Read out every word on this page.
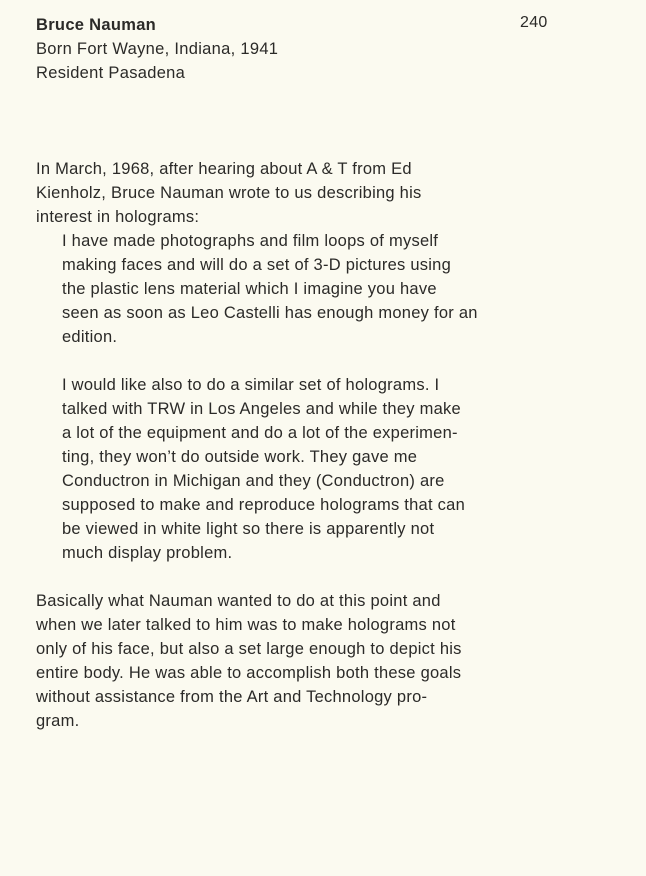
240
Bruce Nauman
Born Fort Wayne, Indiana, 1941
Resident Pasadena
In March, 1968, after hearing about A & T from Ed
Kienholz, Bruce Nauman wrote to us describing his
interest in holograms:
I have made photographs and film loops of myself
making faces and will do a set of 3-D pictures using
the plastic lens material which I imagine you have
seen as soon as Leo Castelli has enough money for an
edition.
I would like also to do a similar set of holograms. I
talked with TRW in Los Angeles and while they make
a lot of the equipment and do a lot of the experimen-
ting, they won’t do outside work. They gave me
Conductron in Michigan and they (Conductron) are
supposed to make and reproduce holograms that can
be viewed in white light so there is apparently not
much display problem.
Basically what Nauman wanted to do at this point and
when we later talked to him was to make holograms not
only of his face, but also a set large enough to depict his
entire body. He was able to accomplish both these goals
without assistance from the Art and Technology pro-
gram.
